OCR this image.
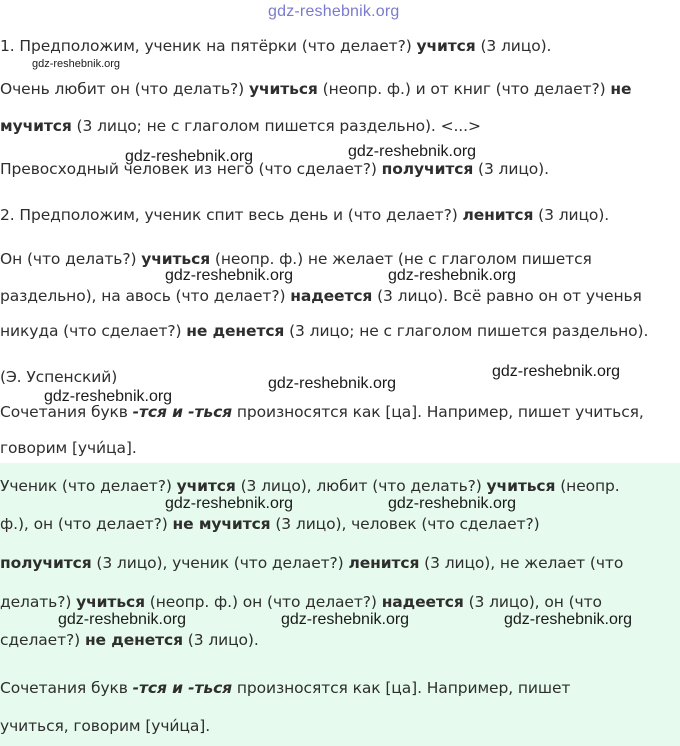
gdz-reshebnik.org
1. Предположим, ученик на пятёрки (что делает?) учится (3 лицо).
Очень любит он (что делать?) учиться (неопр. ф.) и от книг (что делает?) не
мучится (3 лицо; не с глаголом пишется раздельно). <...>
Превосходный человек из него (что сделает?) получится (3 лицо).
2. Предположим, ученик спит весь день и (что делает?) ленится (3 лицо).
Он (что делать?) учиться (неопр. ф.) не желает (не с глаголом пишется
раздельно), на авось (что делает?) надеется (3 лицо). Всё равно он от ученья
никуда (что сделает?) не денется (3 лицо; не с глаголом пишется раздельно).
(Э. Успенский)
Сочетания букв -тся и -ться произносятся как [ца]. Например, пишет учиться,
говорим [учи́ца].
Ученик (что делает?) учится (3 лицо), любит (что делать?) учиться (неопр.
ф.), он (что делает?) не мучится (3 лицо), человек (что сделает?)
получится (3 лицо), ученик (что делает?) ленится (3 лицо), не желает (что
делать?) учиться (неопр. ф.) он (что делает?) надеется (3 лицо), он (что
сделает?) не денется (3 лицо).
Сочетания букв -тся и -ться произносятся как [ца]. Например, пишет
учиться, говорим [учи́ца].
gdz-reshebnik.org
gdz-reshebnik.org	gdz-reshebnik.org
gdz-reshebnik.org	gdz-reshebnik.org
gdz-reshebnik.org
gdz-reshebnik.org
gdz-reshebnik.org
gdz-reshebnik.org	gdz-reshebnik.org
gdz-reshebnik.org	gdz-reshebnik.org	gdz-reshebnik.org
